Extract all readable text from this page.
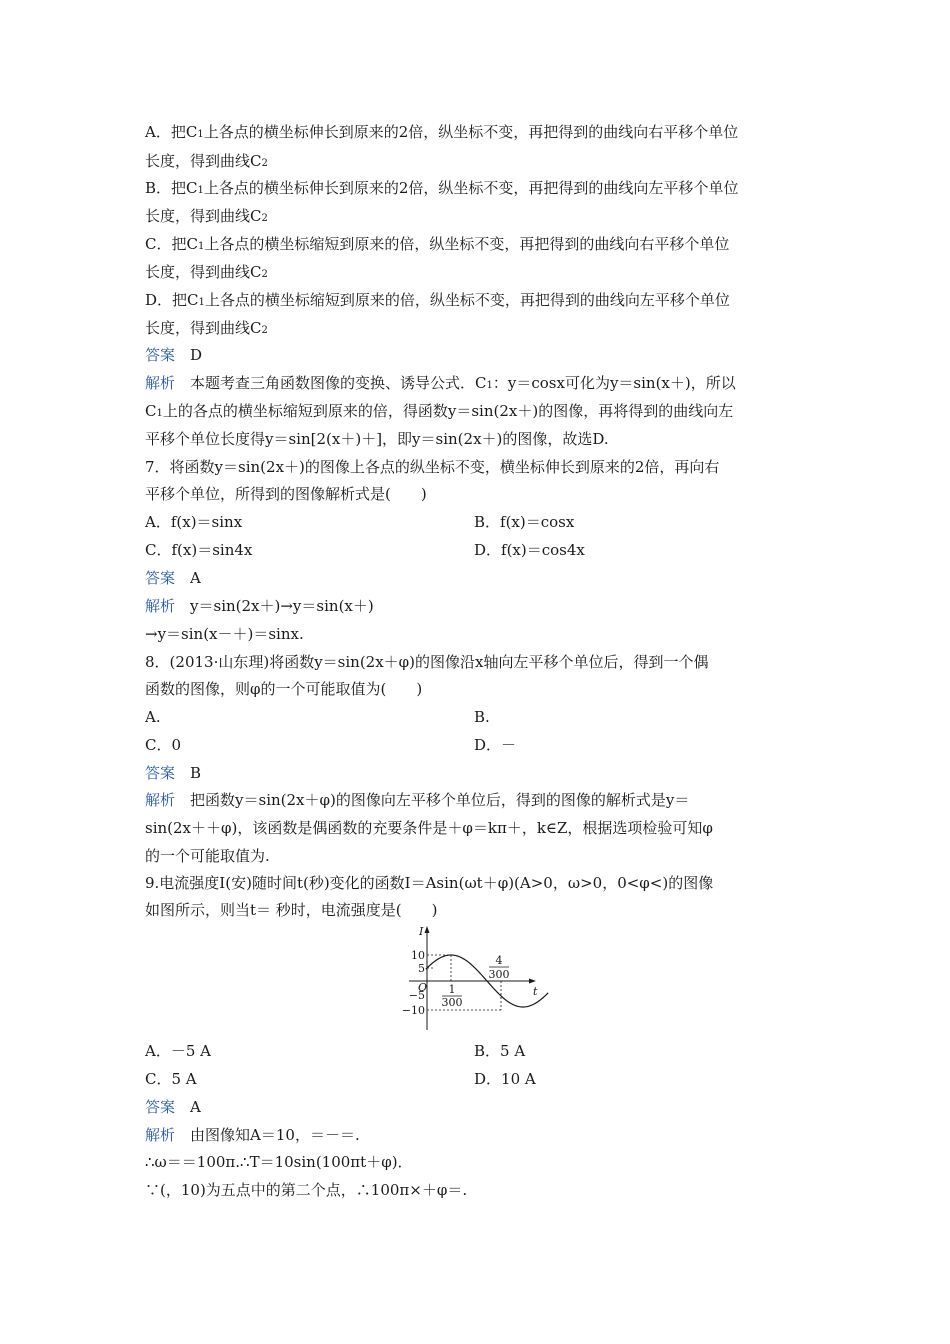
A．把C1上各点的横坐标伸长到原来的2倍，纵坐标不变，再把得到的曲线向右平移个单位
长度，得到曲线C2
B．把C1上各点的横坐标伸长到原来的2倍，纵坐标不变，再把得到的曲线向左平移个单位
长度，得到曲线C2
C．把C1上各点的横坐标缩短到原来的倍，纵坐标不变，再把得到的曲线向右平移个单位
长度，得到曲线C2
D．把C1上各点的横坐标缩短到原来的倍，纵坐标不变，再把得到的曲线向左平移个单位
长度，得到曲线C2
答案　 D
解析　 本题考查三角函数图像的变换、诱导公式．C1：y＝cosx可化为y＝sin(x＋)，所以
C1上的各点的横坐标缩短到原来的倍，得函数y＝sin(2x＋)的图像，再将得到的曲线向左
平移个单位长度得y＝sin[2(x＋)＋]，即y＝sin(2x＋)的图像，故选D.
7．将函数y＝sin(2x＋)的图像上各点的纵坐标不变，横坐标伸长到原来的2倍，再向右
平移个单位，所得到的图像解析式是(　　)
A．f(x)＝sinx	B．f(x)＝cosx
C．f(x)＝sin4x	D．f(x)＝cos4x
答案　 A
解析　 y＝sin(2x＋)→y＝sin(x＋)
→y＝sin(x－＋)＝sinx.
8．(2013·山东理)将函数y＝sin(2x＋φ)的图像沿x轴向左平移个单位后，得到一个偶
函数的图像，则φ的一个可能取值为(　　)
A.	B.
C．0	D．－
答案　 B
解析　 把函数y＝sin(2x＋φ)的图像向左平移个单位后，得到的图像的解析式是y＝
sin(2x＋＋φ)，该函数是偶函数的充要条件是＋φ＝kπ＋，k∈Z，根据选项检验可知φ
的一个可能取值为.
9.电流强度I(安)随时间t(秒)变化的函数I＝Asin(ωt＋φ)(A>0，ω>0，0<φ<)的图像
如图所示，则当t＝ 秒时，电流强度是(　　)
I
t
O
10
5
−5
−10
1
300
4
300
A．－5 A	B．5 A
C．5 A	D．10 A
答案　 A
解析　 由图像知A＝10，＝－＝.
∴ω＝＝100π.∴T＝10sin(100πt＋φ)．
∵(，10)为五点中的第二个点，∴100π×＋φ＝.
